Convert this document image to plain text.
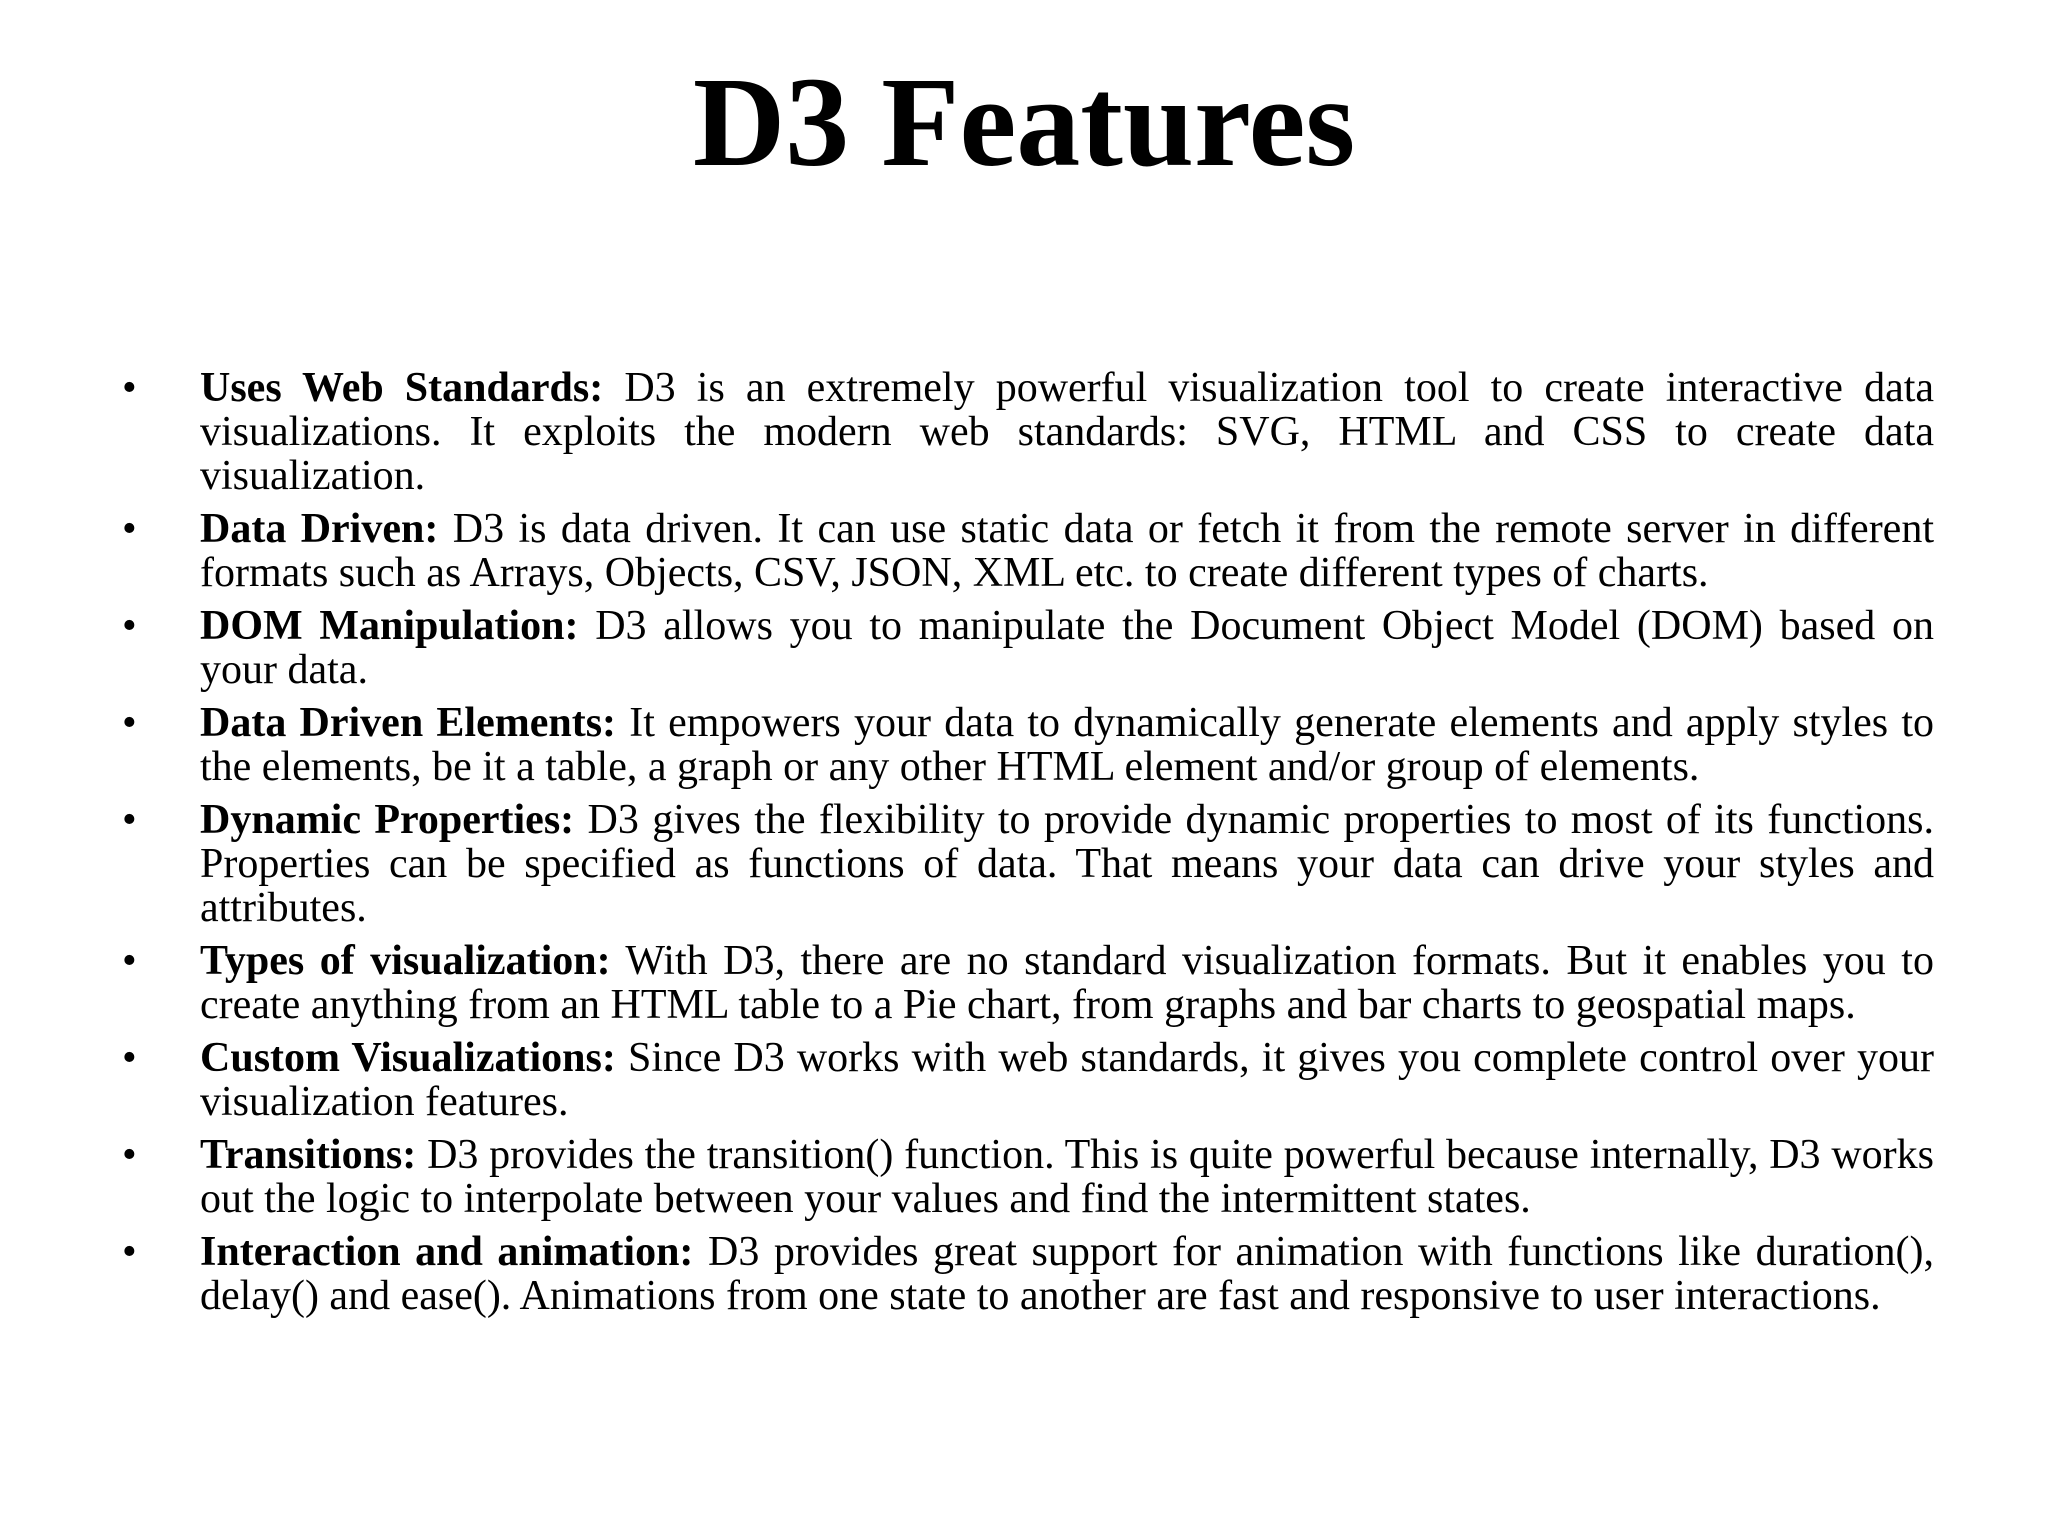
D3 Features
• Uses Web Standards: D3 is an extremely powerful visualization tool to create interactive data visualizations. It exploits the modern web standards: SVG, HTML and CSS to create data visualization.
• Data Driven: D3 is data driven. It can use static data or fetch it from the remote server in different formats such as Arrays, Objects, CSV, JSON, XML etc. to create different types of charts.
• DOM Manipulation: D3 allows you to manipulate the Document Object Model (DOM) based on your data.
• Data Driven Elements: It empowers your data to dynamically generate elements and apply styles to the elements, be it a table, a graph or any other HTML element and/or group of elements.
• Dynamic Properties: D3 gives the flexibility to provide dynamic properties to most of its functions. Properties can be specified as functions of data. That means your data can drive your styles and attributes.
• Types of visualization: With D3, there are no standard visualization formats. But it enables you to create anything from an HTML table to a Pie chart, from graphs and bar charts to geospatial maps.
• Custom Visualizations: Since D3 works with web standards, it gives you complete control over your visualization features.
• Transitions: D3 provides the transition() function. This is quite powerful because internally, D3 works out the logic to interpolate between your values and find the intermittent states.
• Interaction and animation: D3 provides great support for animation with functions like duration(), delay() and ease(). Animations from one state to another are fast and responsive to user interactions.
